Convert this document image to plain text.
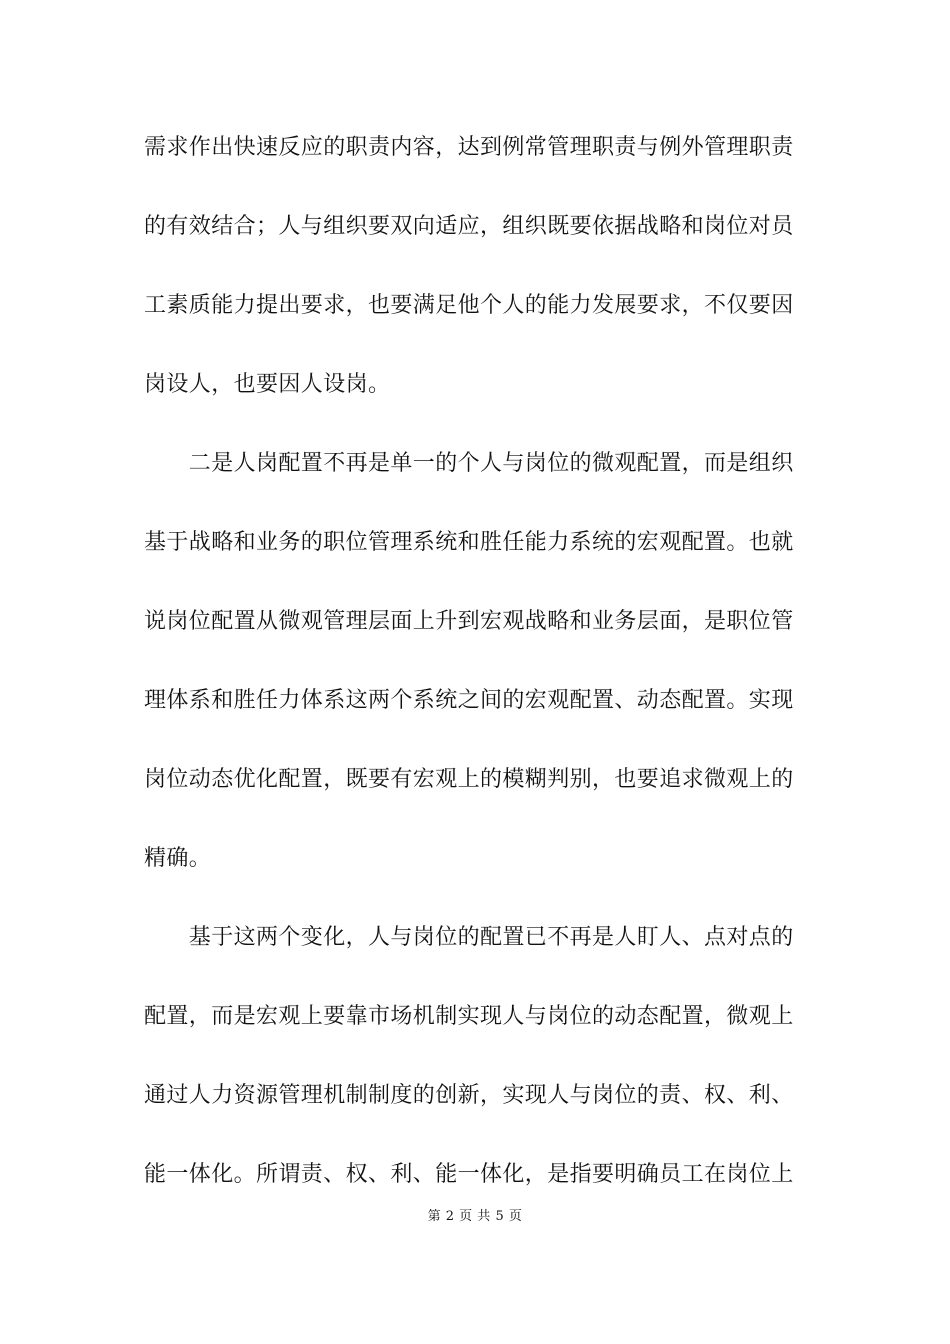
需求作出快速反应的职责内容，达到例常管理职责与例外管理职责
的有效结合；人与组织要双向适应，组织既要依据战略和岗位对员
工素质能力提出要求，也要满足他个人的能力发展要求，不仅要因
岗设人，也要因人设岗。
　　二是人岗配置不再是单一的个人与岗位的微观配置，而是组织
基于战略和业务的职位管理系统和胜任能力系统的宏观配置。也就
说岗位配置从微观管理层面上升到宏观战略和业务层面，是职位管
理体系和胜任力体系这两个系统之间的宏观配置、动态配置。实现
岗位动态优化配置，既要有宏观上的模糊判别，也要追求微观上的
精确。
　　基于这两个变化，人与岗位的配置已不再是人盯人、点对点的
配置，而是宏观上要靠市场机制实现人与岗位的动态配置，微观上
通过人力资源管理机制制度的创新，实现人与岗位的责、权、利、
能一体化。所谓责、权、利、能一体化，是指要明确员工在岗位上
第 2 页 共 5 页
